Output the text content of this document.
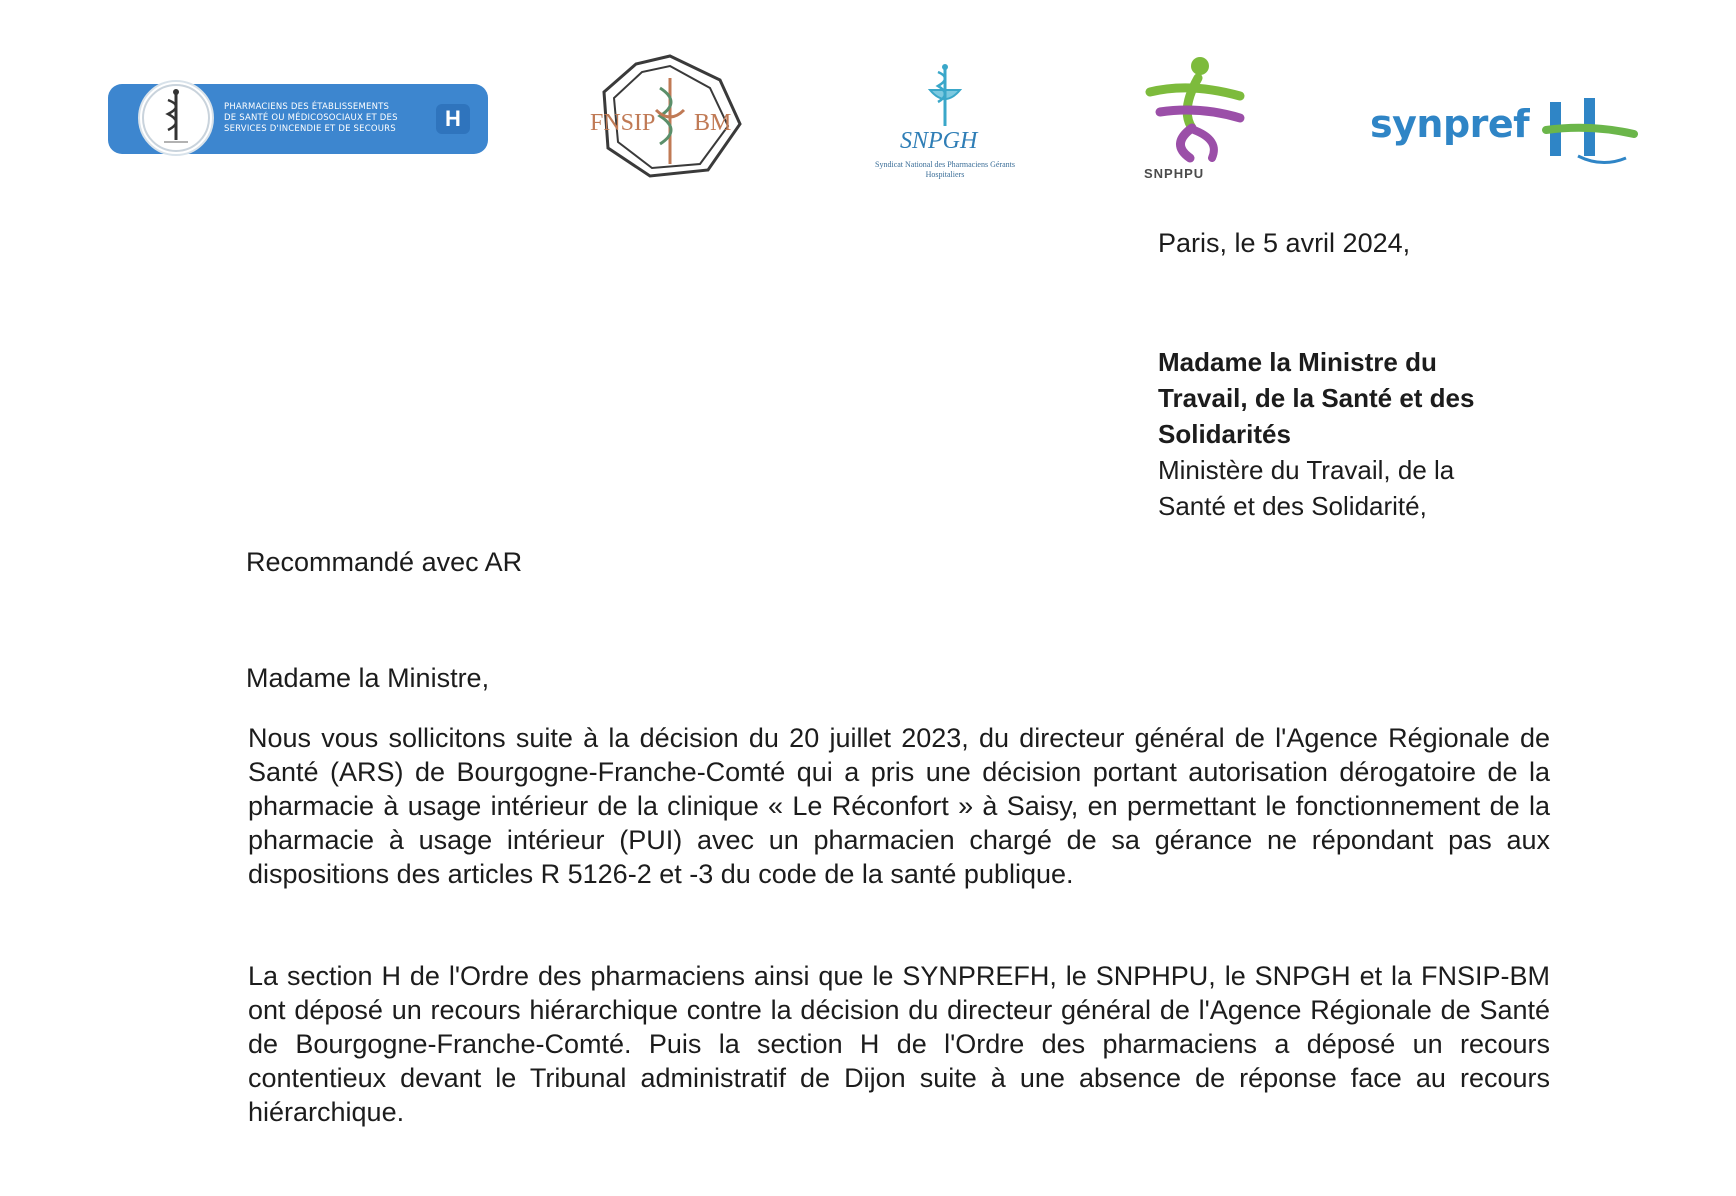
PHARMACIENS DES ÉTABLISSEMENTS
DE SANTÉ OU MÉDICOSOCIAUX ET DES
SERVICES D'INCENDIE ET DE SECOURS	H	FNSIP BM
SNPGH
Syndicat National des Pharmaciens Gérants Hospitaliers	SNPHPU
synpref
Paris, le 5 avril 2024,
Madame la Ministre du
Travail, de la Santé et des
Solidarités
Ministère du Travail, de la
Santé et des Solidarité,
Recommandé avec AR
Madame la Ministre,
Nous vous sollicitons suite à la décision du 20 juillet 2023, du directeur général de l'Agence Régionale de Santé (ARS) de Bourgogne-Franche-Comté qui a pris une décision portant autorisation dérogatoire de la pharmacie à usage intérieur de la clinique « Le Réconfort » à Saisy, en permettant le fonctionnement de la pharmacie à usage intérieur (PUI) avec un pharmacien chargé de sa gérance ne répondant pas aux dispositions des articles R 5126-2 et -3 du code de la santé publique.
La section H de l'Ordre des pharmaciens ainsi que le SYNPREFH, le SNPHPU, le SNPGH et la FNSIP-BM ont déposé un recours hiérarchique contre la décision du directeur général de l'Agence Régionale de Santé de Bourgogne-Franche-Comté. Puis la section H de l'Ordre des pharmaciens a déposé un recours contentieux devant le Tribunal administratif de Dijon suite à une absence de réponse face au recours hiérarchique.
